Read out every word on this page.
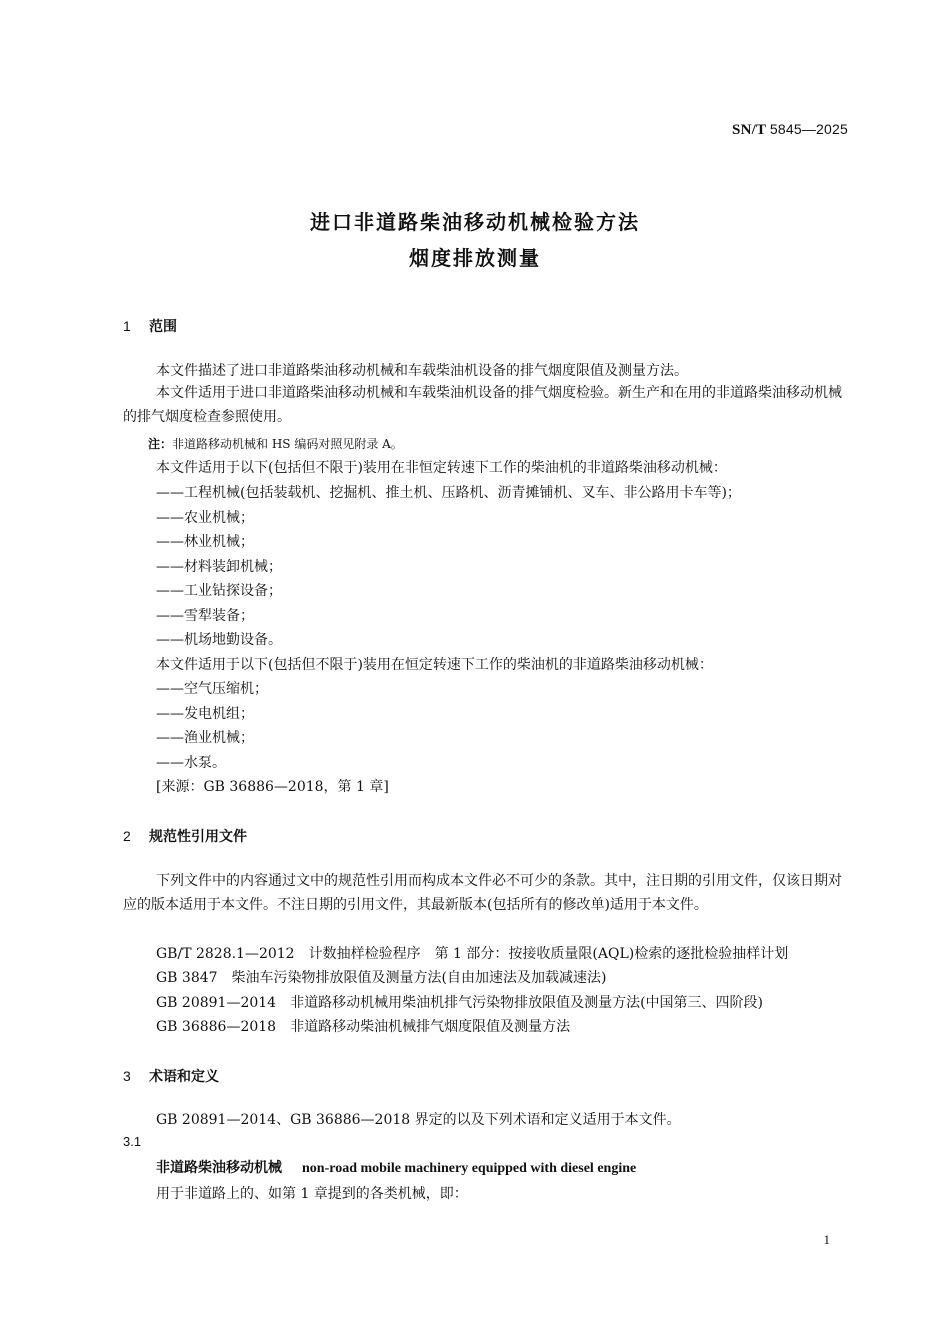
SN/T 5845—2025
进口非道路柴油移动机械检验方法
烟度排放测量
1 范围
本文件描述了进口非道路柴油移动机械和车载柴油机设备的排气烟度限值及测量方法。
本文件适用于进口非道路柴油移动机械和车载柴油机设备的排气烟度检验。新生产和在用的非道路柴油移动机械的排气烟度检查参照使用。
注：非道路移动机械和 HS 编码对照见附录 A。
本文件适用于以下(包括但不限于)装用在非恒定转速下工作的柴油机的非道路柴油移动机械：
——工程机械(包括装载机、挖掘机、推土机、压路机、沥青摊铺机、叉车、非公路用卡车等)；
——农业机械；
——林业机械；
——材料装卸机械；
——工业钻探设备；
——雪犁装备；
——机场地勤设备。
本文件适用于以下(包括但不限于)装用在恒定转速下工作的柴油机的非道路柴油移动机械：
——空气压缩机；
——发电机组；
——渔业机械；
——水泵。
[来源：GB 36886—2018，第 1 章]
2 规范性引用文件
下列文件中的内容通过文中的规范性引用而构成本文件必不可少的条款。其中，注日期的引用文件，仅该日期对应的版本适用于本文件。不注日期的引用文件，其最新版本(包括所有的修改单)适用于本文件。
GB/T 2828.1—2012　计数抽样检验程序　第 1 部分：按接收质量限(AQL)检索的逐批检验抽样计划
GB 3847　柴油车污染物排放限值及测量方法(自由加速法及加载减速法)
GB 20891—2014　非道路移动机械用柴油机排气污染物排放限值及测量方法(中国第三、四阶段)
GB 36886—2018　非道路移动柴油机械排气烟度限值及测量方法
3 术语和定义
GB 20891—2014、GB 36886—2018 界定的以及下列术语和定义适用于本文件。
3.1
非道路柴油移动机械 non-road mobile machinery equipped with diesel engine
用于非道路上的、如第 1 章提到的各类机械，即：
1
